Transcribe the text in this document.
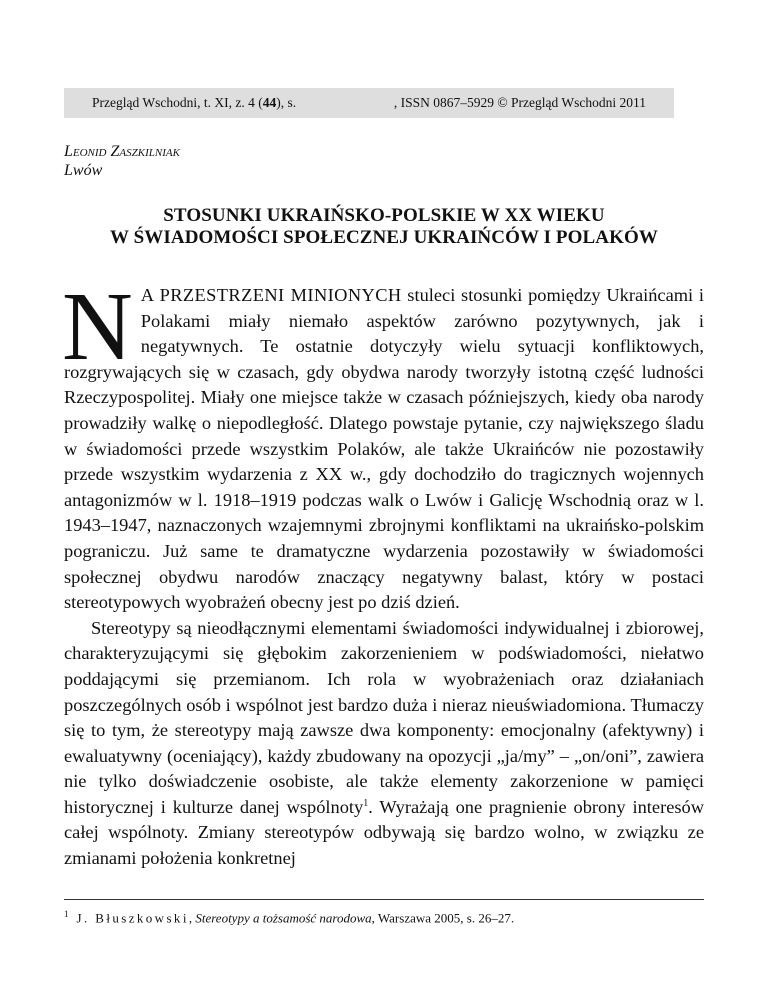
Przegląd Wschodni, t. XI, z. 4 (44), s.	, ISSN 0867–5929 © Przegląd Wschodni 2011
Leonid Zaszkilniak
Lwów
STOSUNKI UKRAIŃSKO-POLSKIE W XX WIEKU
W ŚWIADOMOŚCI SPOŁECZNEJ UKRAIŃCÓW I POLAKÓW

N A PRZESTRZENI MINIONYCH stuleci stosunki pomiędzy Ukraińcami i Polakami miały niemało aspektów zarówno pozytywnych, jak i negatywnych. Te ostatnie dotyczyły wielu sytuacji konfliktowych, rozgrywających się w czasach, gdy obydwa narody tworzyły istotną część ludności Rzeczypospolitej. Miały one miejsce także w czasach późniejszych, kiedy oba narody prowadziły walkę o niepodległość. Dlatego powstaje pytanie, czy największego śladu w świadomości przede wszystkim Polaków, ale także Ukraińców nie pozostawiły przede wszystkim wydarzenia z XX w., gdy dochodziło do tragicznych wojennych antagonizmów w l. 1918–1919 podczas walk o Lwów i Galicję Wschodnią oraz w l. 1943–1947, naznaczonych wzajemnymi zbrojnymi konfliktami na ukraińsko-polskim pograniczu. Już same te dramatyczne wydarzenia pozostawiły w świadomości społecznej obydwu narodów znaczący negatywny balast, który w postaci stereotypowych wyobrażeń obecny jest po dziś dzień.

Stereotypy są nieodłącznymi elementami świadomości indywidualnej i zbiorowej, charakteryzującymi się głębokim zakorzenieniem w podświadomości, niełatwo poddającymi się przemianom. Ich rola w wyobrażeniach oraz działaniach poszczególnych osób i wspólnot jest bardzo duża i nieraz nieuświadomiona. Tłumaczy się to tym, że stereotypy mają zawsze dwa komponenty: emocjonalny (afektywny) i ewaluatywny (oceniający), każdy zbudowany na opozycji „ja/my” – „on/oni”, zawiera nie tylko doświadczenie osobiste, ale także elementy zakorzenione w pamięci historycznej i kulturze danej wspólnoty$^1$. Wyrażają one pragnienie obrony interesów całej wspólnoty. Zmiany stereotypów odbywają się bardzo wolno, w związku ze zmianami położenia konkretnej

$^1$ J. Błuszkowski, Stereotypy a tożsamość narodowa, Warszawa 2005, s. 26–27.
